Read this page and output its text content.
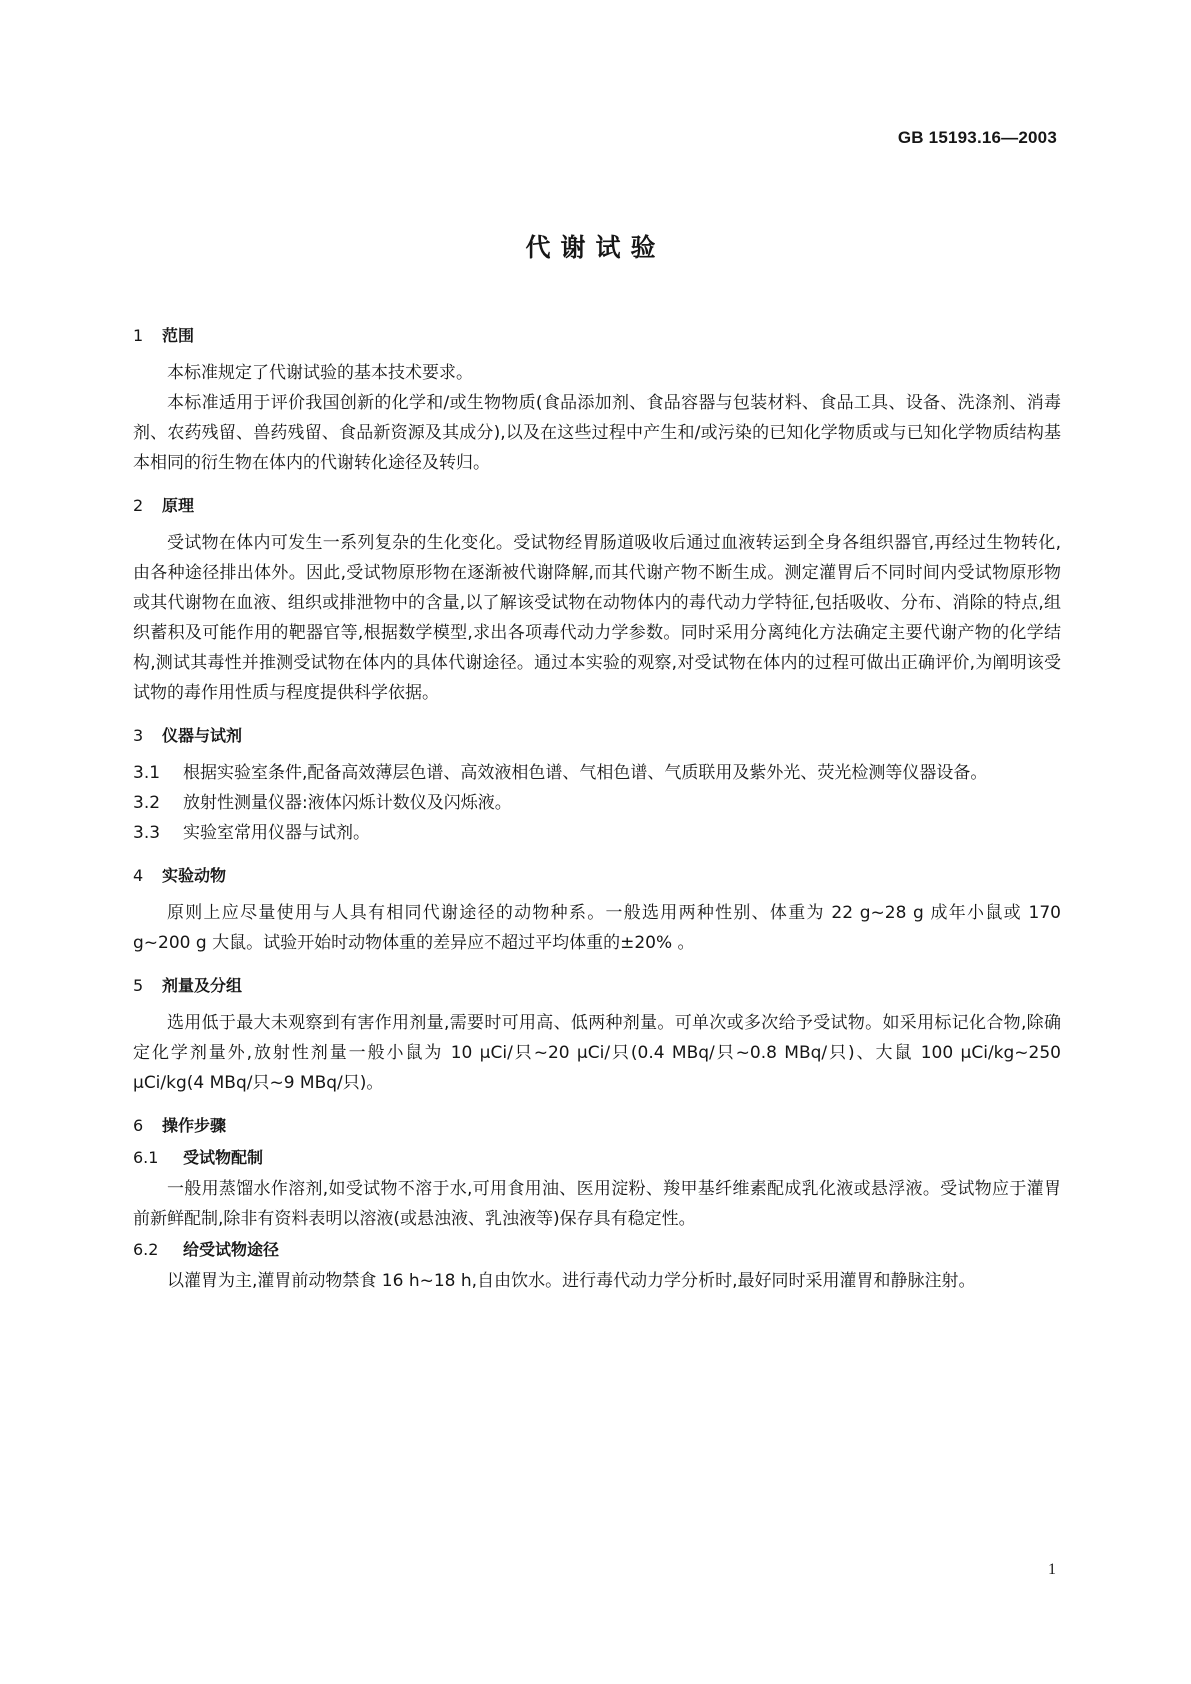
GB 15193.16—2003
代谢试验
1 范围

本标准规定了代谢试验的基本技术要求。

本标准适用于评价我国创新的化学和/或生物物质(食品添加剂、食品容器与包装材料、食品工具、设备、洗涤剂、消毒剂、农药残留、兽药残留、食品新资源及其成分),以及在这些过程中产生和/或污染的已知化学物质或与已知化学物质结构基本相同的衍生物在体内的代谢转化途径及转归。

2 原理

受试物在体内可发生一系列复杂的生化变化。受试物经胃肠道吸收后通过血液转运到全身各组织器官,再经过生物转化,由各种途径排出体外。因此,受试物原形物在逐渐被代谢降解,而其代谢产物不断生成。测定灌胃后不同时间内受试物原形物或其代谢物在血液、组织或排泄物中的含量,以了解该受试物在动物体内的毒代动力学特征,包括吸收、分布、消除的特点,组织蓄积及可能作用的靶器官等,根据数学模型,求出各项毒代动力学参数。同时采用分离纯化方法确定主要代谢产物的化学结构,测试其毒性并推测受试物在体内的具体代谢途径。通过本实验的观察,对受试物在体内的过程可做出正确评价,为阐明该受试物的毒作用性质与程度提供科学依据。

3 仪器与试剂

3.1 根据实验室条件,配备高效薄层色谱、高效液相色谱、气相色谱、气质联用及紫外光、荧光检测等仪器设备。

3.2 放射性测量仪器:液体闪烁计数仪及闪烁液。

3.3 实验室常用仪器与试剂。

4 实验动物

原则上应尽量使用与人具有相同代谢途径的动物种系。一般选用两种性别、体重为 22 g~28 g 成年小鼠或 170 g~200 g 大鼠。试验开始时动物体重的差异应不超过平均体重的±20% 。

5 剂量及分组

选用低于最大未观察到有害作用剂量,需要时可用高、低两种剂量。可单次或多次给予受试物。如采用标记化合物,除确定化学剂量外,放射性剂量一般小鼠为 10 μCi/只~20 μCi/只(0.4 MBq/只~0.8 MBq/只)、大鼠 100 μCi/kg~250 μCi/kg(4 MBq/只~9 MBq/只)。

6 操作步骤
6.1 受试物配制

一般用蒸馏水作溶剂,如受试物不溶于水,可用食用油、医用淀粉、羧甲基纤维素配成乳化液或悬浮液。受试物应于灌胃前新鲜配制,除非有资料表明以溶液(或悬浊液、乳浊液等)保存具有稳定性。

6.2 给受试物途径

以灌胃为主,灌胃前动物禁食 16 h~18 h,自由饮水。进行毒代动力学分析时,最好同时采用灌胃和静脉注射。

1
